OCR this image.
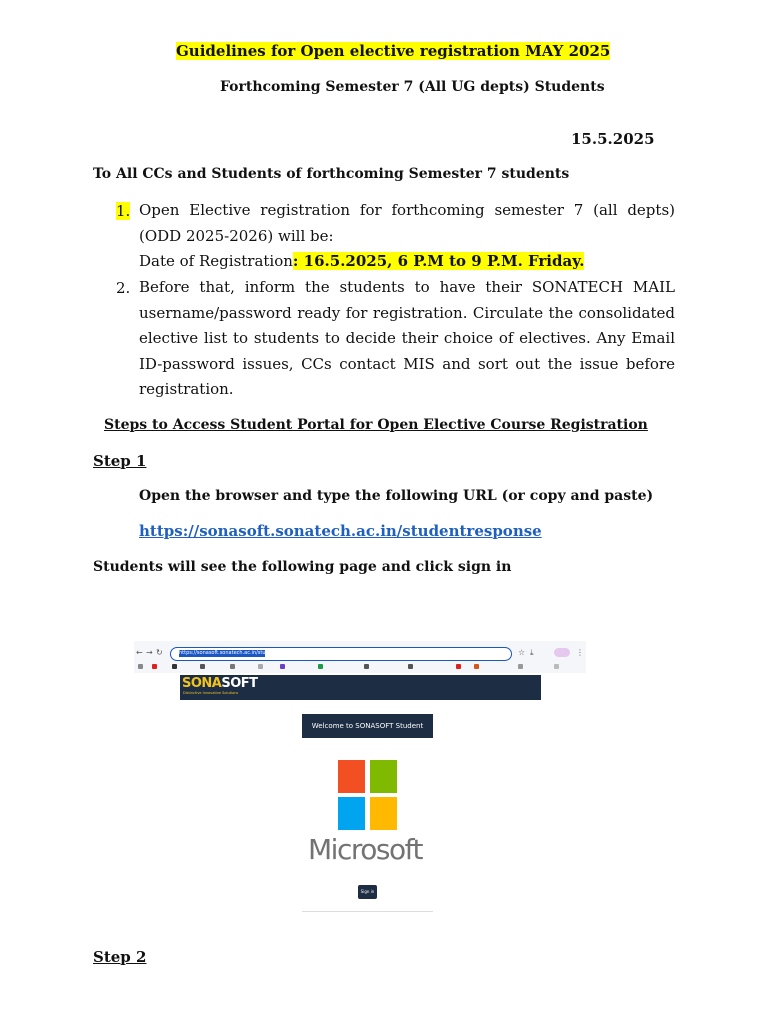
Guidelines for Open elective registration MAY 2025
Forthcoming Semester 7 (All UG depts) Students
15.5.2025
To All CCs and Students of forthcoming Semester 7 students
1. Open Elective registration for forthcoming semester 7 (all depts) (ODD 2025-2026) will be:
Date of Registration: 16.5.2025, 6 P.M to 9 P.M. Friday.
2. Before that, inform the students to have their SONATECH MAIL username/password ready for registration. Circulate the consolidated elective list to students to decide their choice of electives. Any Email ID-password issues, CCs contact MIS and sort out the issue before registration.
Steps to Access Student Portal for Open Elective Course Registration
Step 1
Open the browser and type the following URL (or copy and paste)
https://sonasoft.sonatech.ac.in/studentresponse
Students will see the following page and click sign in
← → ↻	https://sonasoft.sonatech.ac.in/studentresponse	☆ ⤓	⋮
SONASOFT
Distinctive Innovative Solutions
Welcome to SONASOFT Student Portal
Microsoft
Sign in
Step 2
